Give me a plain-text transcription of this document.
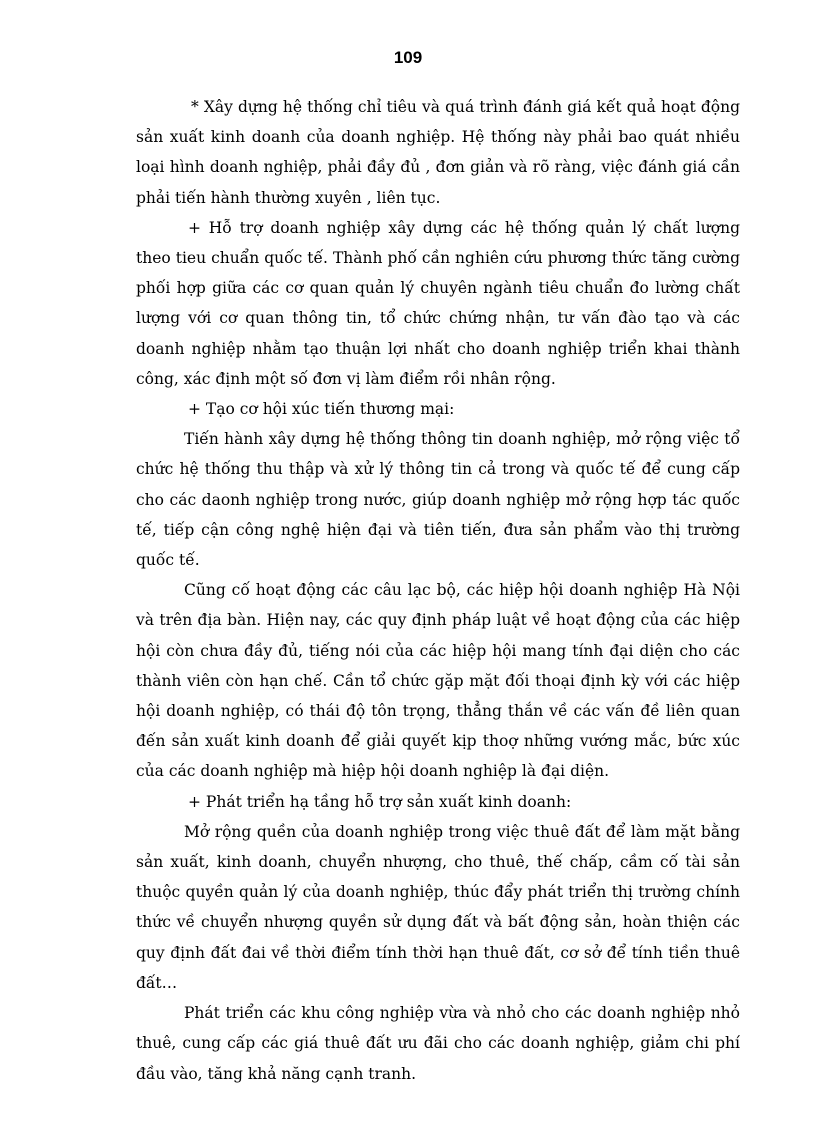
109

* Xây dựng hệ thống chỉ tiêu và quá trình đánh giá kết quả hoạt động sản xuất kinh doanh của doanh nghiệp. Hệ thống này phải bao quát nhiều loại hình doanh nghiệp, phải đầy đủ , đơn giản và rõ ràng, việc đánh giá cần phải tiến hành thường xuyên , liên tục.

+ Hỗ trợ doanh nghiệp xây dựng các hệ thống quản lý chất lượng theo tieu chuẩn quốc tế. Thành phố cần nghiên cứu phương thức tăng cường phối hợp giữa các cơ quan quản lý chuyên ngành tiêu chuẩn đo lường chất lượng với cơ quan thông tin, tổ chức chứng nhận, tư vấn đào tạo và các doanh nghiệp nhằm tạo thuận lợi nhất cho doanh nghiệp triển khai thành công, xác định một số đơn vị làm điểm rồi nhân rộng.

+ Tạo cơ hội xúc tiến thương mại:

Tiến hành xây dựng hệ thống thông tin doanh nghiệp, mở rộng việc tổ chức hệ thống thu thập và xử lý thông tin cả trong và quốc tế để cung cấp cho các daonh nghiệp trong nước, giúp doanh nghiệp mở rộng hợp tác quốc tế, tiếp cận công nghệ hiện đại và tiên tiến, đưa sản phẩm vào thị trường quốc tế.

Cũng cố hoạt động các câu lạc bộ, các hiệp hội doanh nghiệp Hà Nội và trên địa bàn. Hiện nay, các quy định pháp luật về hoạt động của các hiệp hội còn chưa đầy đủ, tiếng nói của các hiệp hội mang tính đại diện cho các thành viên còn hạn chế. Cần tổ chức gặp mặt đối thoại định kỳ với các hiệp hội doanh nghiệp, có thái độ tôn trọng, thẳng thắn về các vấn đề liên quan đến sản xuất kinh doanh để giải quyết kịp thoợ những vướng mắc, bức xúc của các doanh nghiệp mà hiệp hội doanh nghiệp là đại diện.

+ Phát triển hạ tầng hỗ trợ sản xuất kinh doanh:

Mở rộng quền của doanh nghiệp trong việc thuê đất để làm mặt bằng sản xuất, kinh doanh, chuyển nhượng, cho thuê, thế chấp, cầm cố tài sản thuộc quyền quản lý của doanh nghiệp, thúc đẩy phát triển thị trường chính thức về chuyển nhượng quyền sử dụng đất và bất động sản, hoàn thiện các quy định đất đai về thời điểm tính thời hạn thuê đất, cơ sở để tính tiền thuê đất…

Phát triển các khu công nghiệp vừa và nhỏ cho các doanh nghiệp nhỏ thuê, cung cấp các giá thuê đất ưu đãi cho các doanh nghiệp, giảm chi phí đầu vào, tăng khả năng cạnh tranh.
